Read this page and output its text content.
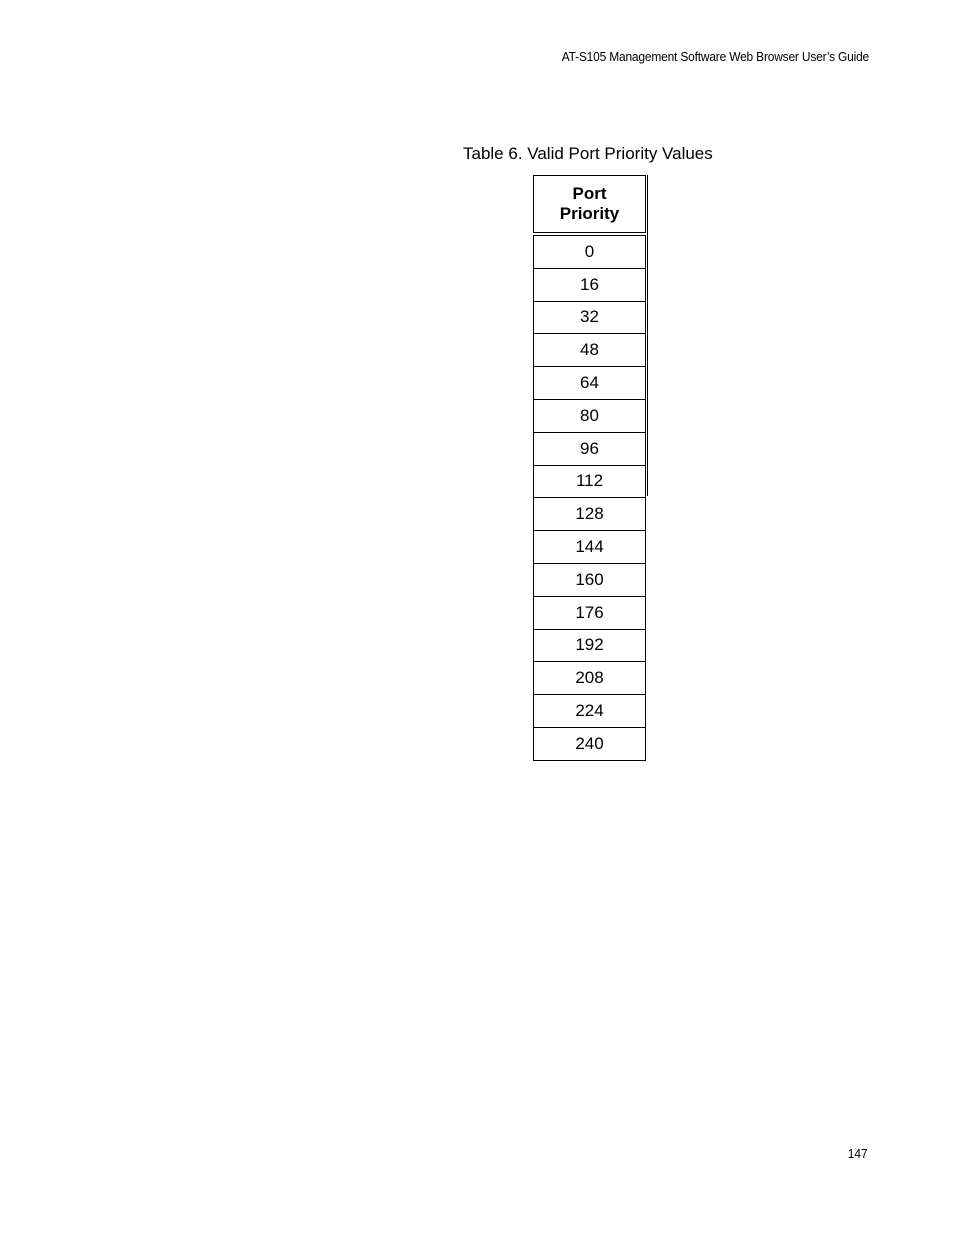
AT-S105 Management Software Web Browser User’s Guide
Table 6. Valid Port Priority Values
Port
Priority
0
16
32
48
64
80
96
112
128
144
160
176
192
208
224
240
147
